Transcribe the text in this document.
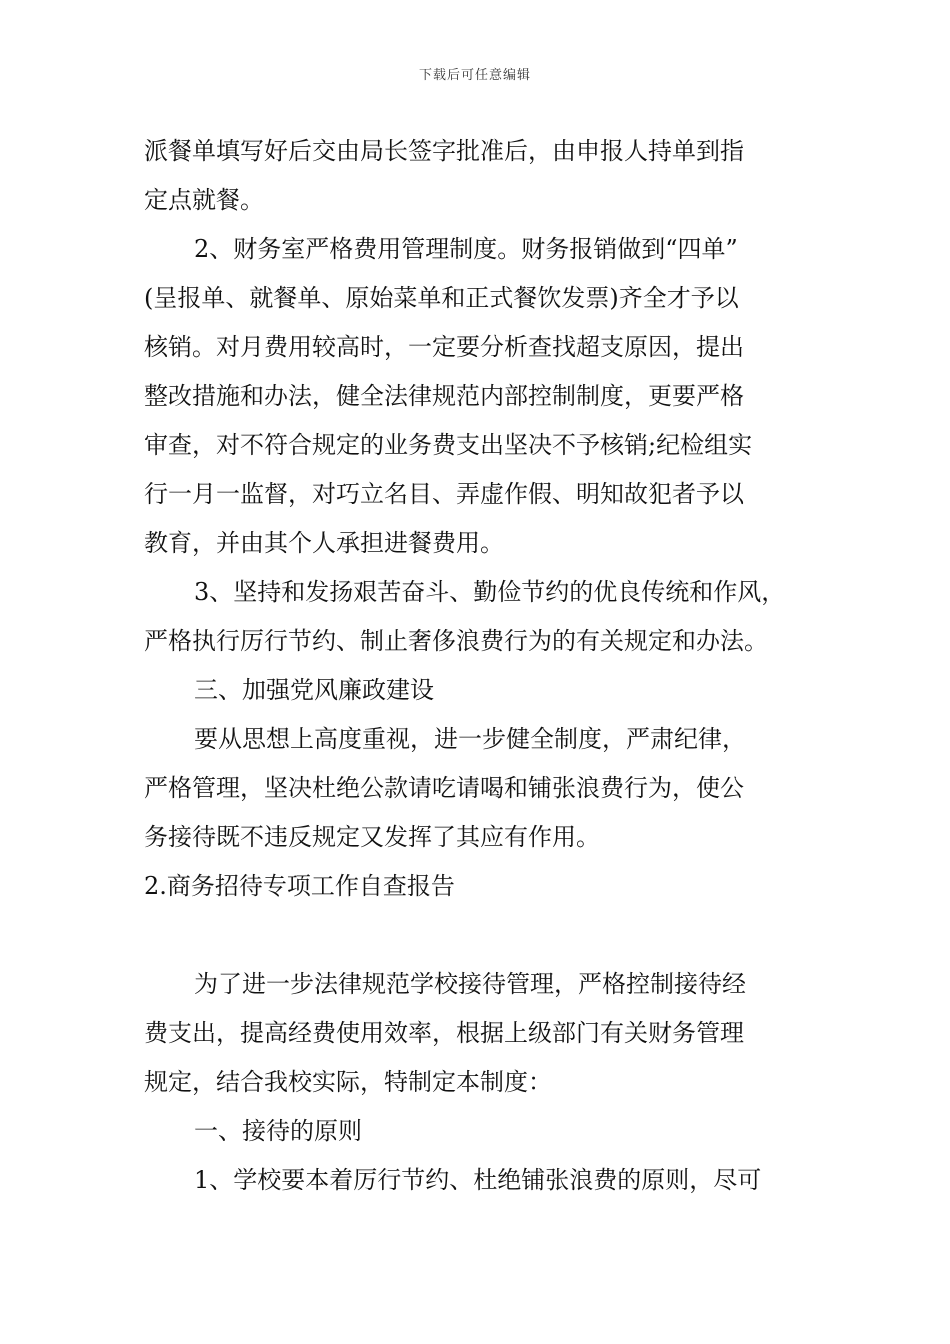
下载后可任意编辑

派餐单填写好后交由局长签字批准后，由申报人持单到指

定点就餐。

2、财务室严格费用管理制度。财务报销做到“四单”

(呈报单、就餐单、原始菜单和正式餐饮发票)齐全才予以

核销。对月费用较高时，一定要分析查找超支原因，提出

整改措施和办法，健全法律规范内部控制制度，更要严格

审查，对不符合规定的业务费支出坚决不予核销;纪检组实

行一月一监督，对巧立名目、弄虚作假、明知故犯者予以

教育，并由其个人承担进餐费用。

3、坚持和发扬艰苦奋斗、勤俭节约的优良传统和作风，

严格执行厉行节约、制止奢侈浪费行为的有关规定和办法。

三、加强党风廉政建设

要从思想上高度重视，进一步健全制度，严肃纪律，

严格管理，坚决杜绝公款请吃请喝和铺张浪费行为，使公

务接待既不违反规定又发挥了其应有作用。

2.商务招待专项工作自查报告

为了进一步法律规范学校接待管理，严格控制接待经

费支出，提高经费使用效率，根据上级部门有关财务管理

规定，结合我校实际，特制定本制度：

一、接待的原则

1、学校要本着厉行节约、杜绝铺张浪费的原则，尽可
